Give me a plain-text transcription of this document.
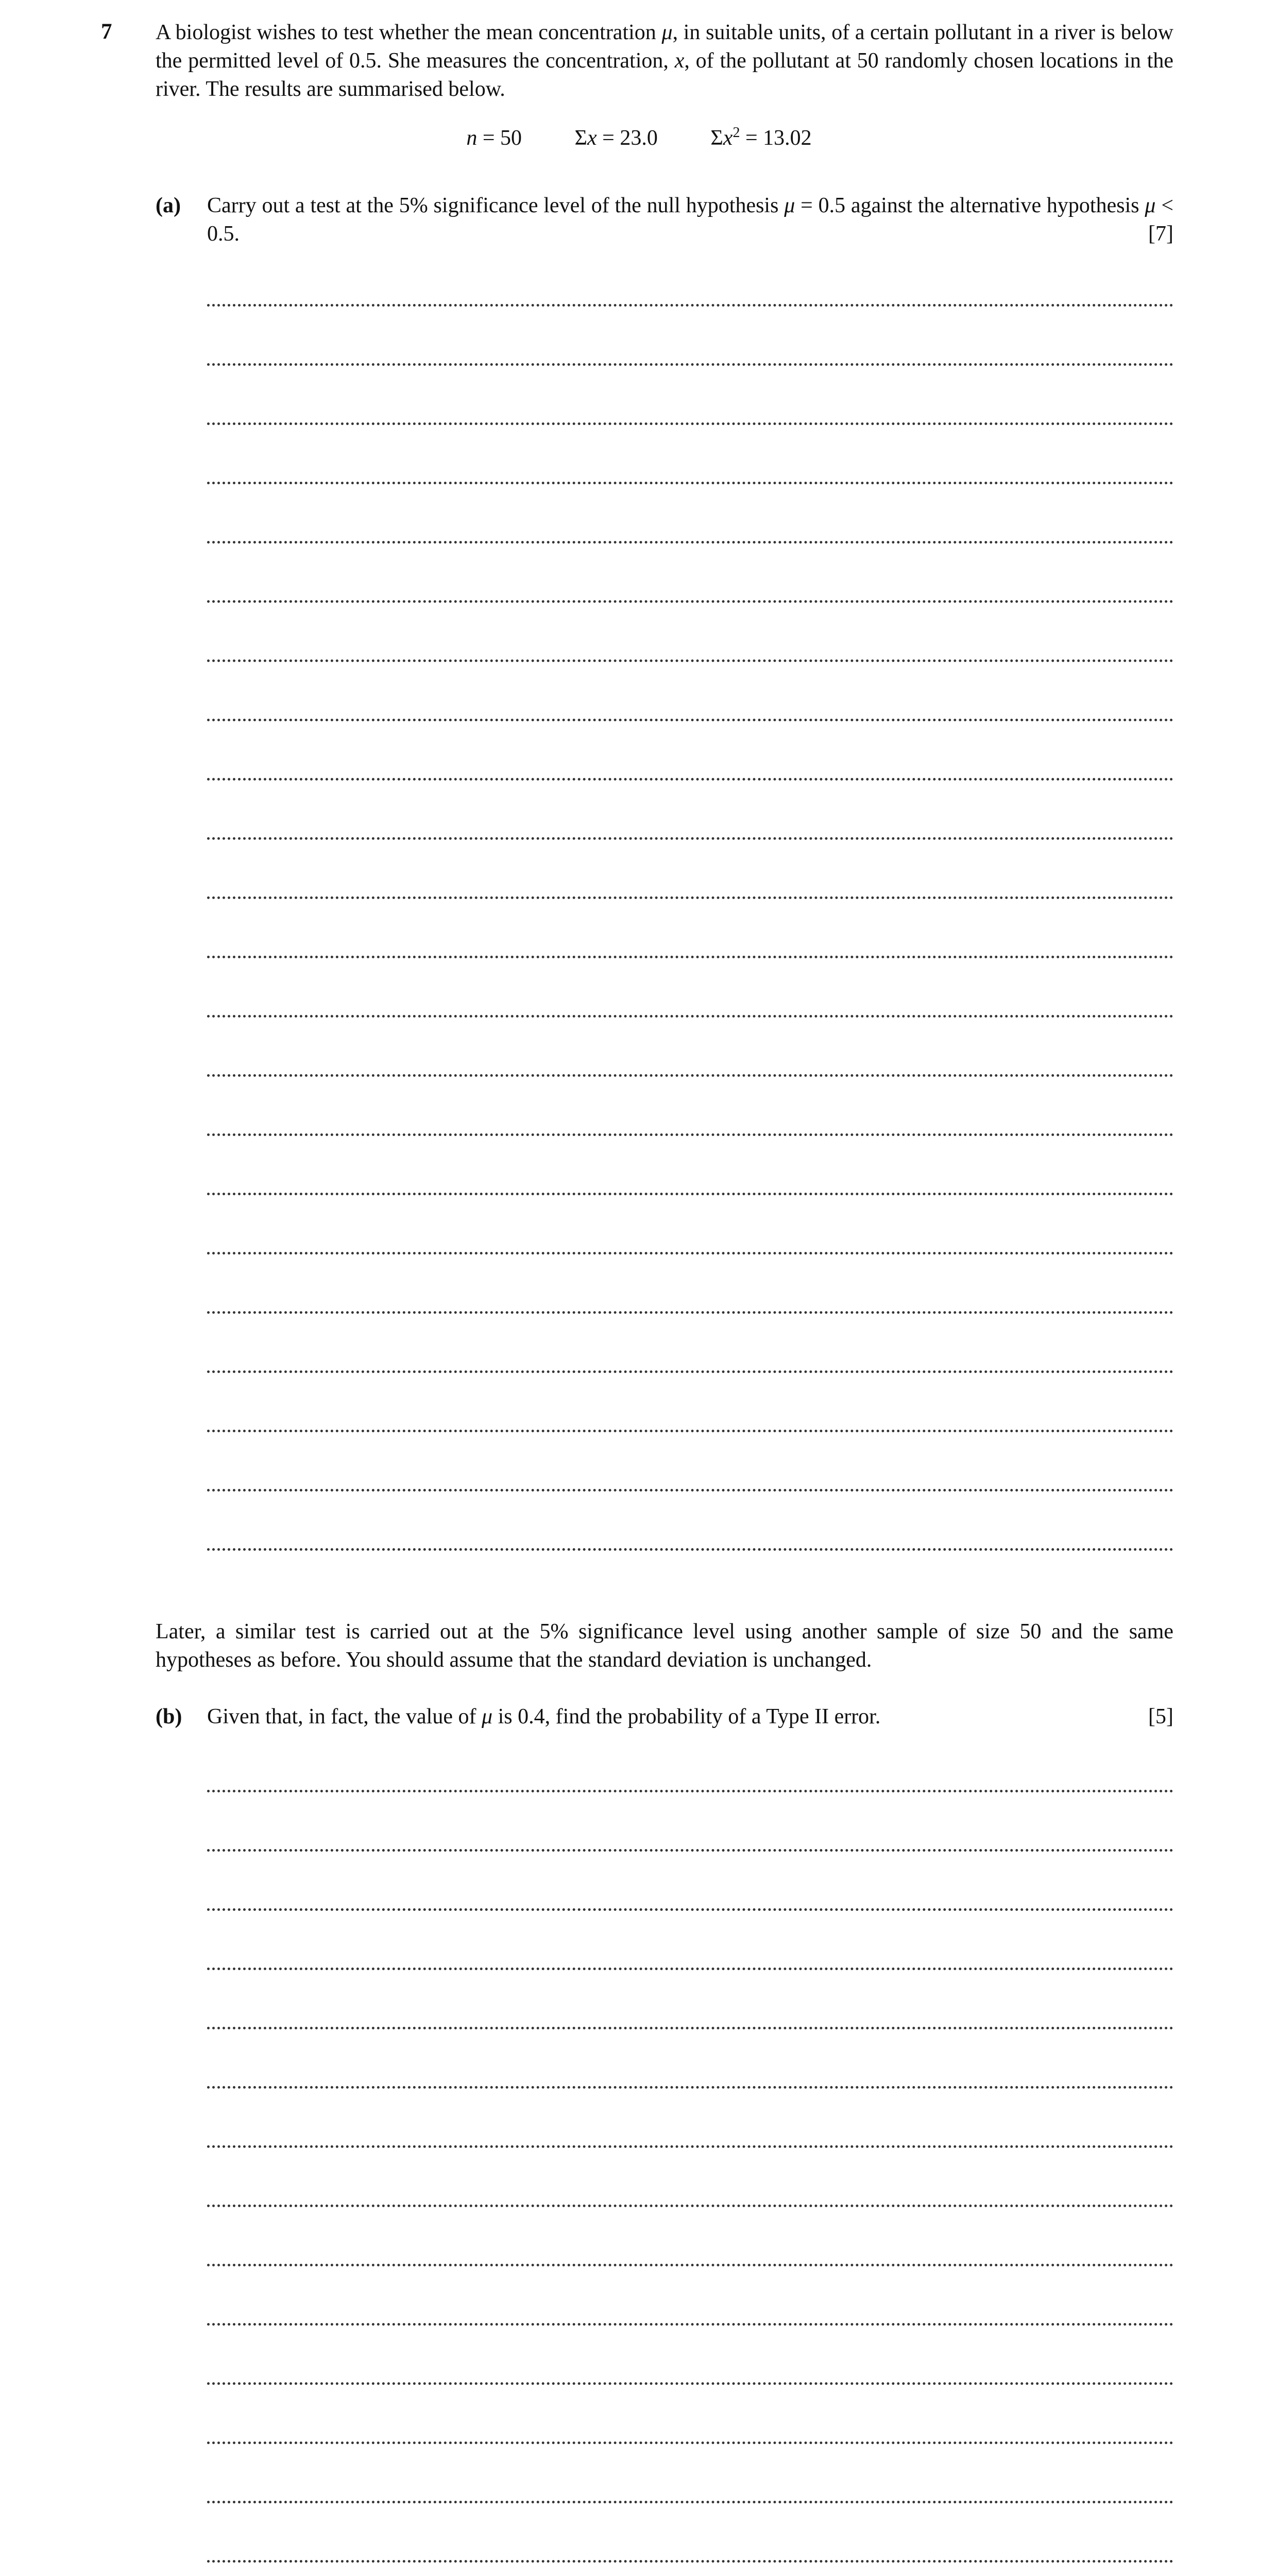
7 A biologist wishes to test whether the mean concentration μ, in suitable units, of a certain pollutant in a river is below the permitted level of 0.5. She measures the concentration, x, of the pollutant at 50 randomly chosen locations in the river. The results are summarised below.

n = 50 Σx = 23.0 $\Sigma x^2 = 13.02$
(a) Carry out a test at the 5% significance level of the null hypothesis μ = 0.5 against the alternative hypothesis μ < 0.5.	[7]
Later, a similar test is carried out at the 5% significance level using another sample of size 50 and the same hypotheses as before. You should assume that the standard deviation is unchanged.
(b) Given that, in fact, the value of μ is 0.4, find the probability of a Type II error.	[5]
